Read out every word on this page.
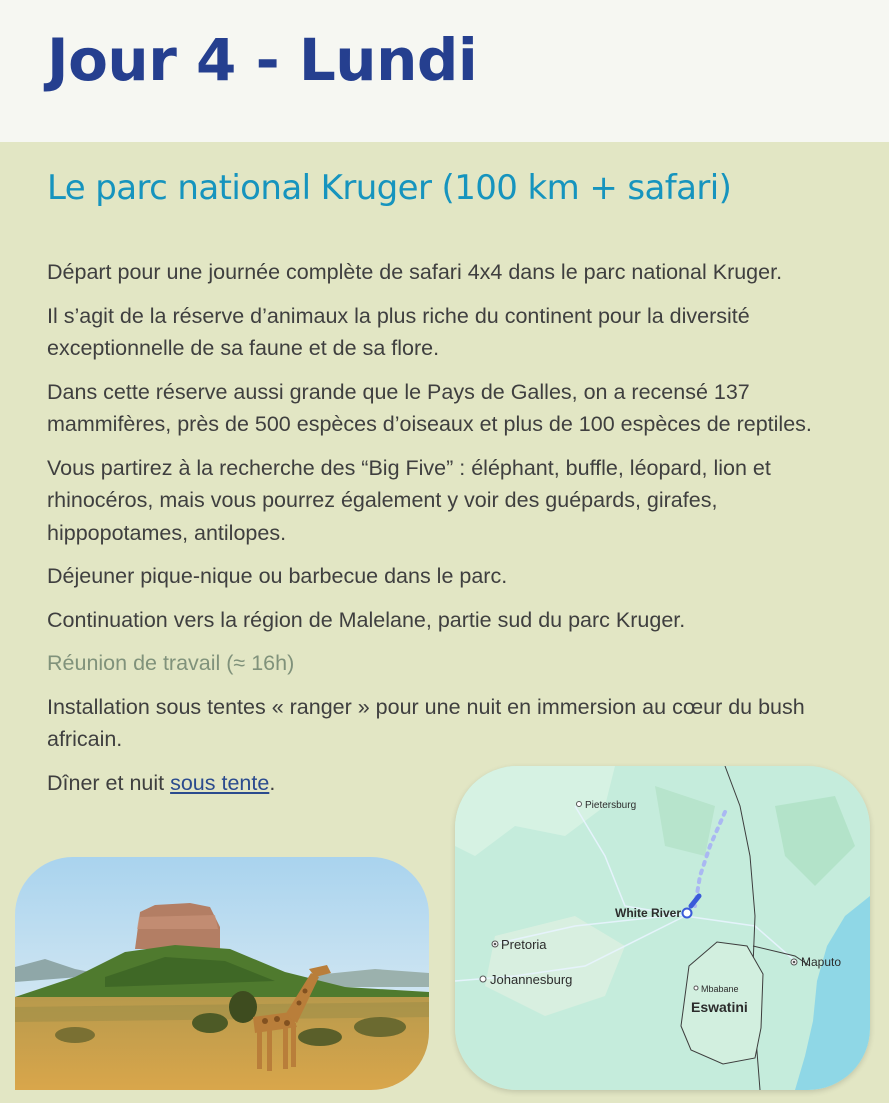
Jour 4 - Lundi
Le parc national Kruger (100 km + safari)

Départ pour une journée complète de safari 4x4 dans le parc national Kruger.

Il s’agit de la réserve d’animaux la plus riche du continent pour la diversité exceptionnelle de sa faune et de sa flore.

Dans cette réserve aussi grande que le Pays de Galles, on a recensé 137 mammifères, près de 500 espèces d’oiseaux et plus de 100 espèces de reptiles.

Vous partirez à la recherche des “Big Five” : éléphant, buffle, léopard, lion et rhinocéros, mais vous pourrez également y voir des guépards, girafes, hippopotames, antilopes.

Déjeuner pique-nique ou barbecue dans le parc.

Continuation vers la région de Malelane, partie sud du parc Kruger.

Réunion de travail (≈ 16h)

Installation sous tentes « ranger » pour une nuit en immersion au cœur du bush africain.

Dîner et nuit sous tente.

Pietersburg
White River
Pretoria
Johannesburg
Maputo
Mbabane
Eswatini
